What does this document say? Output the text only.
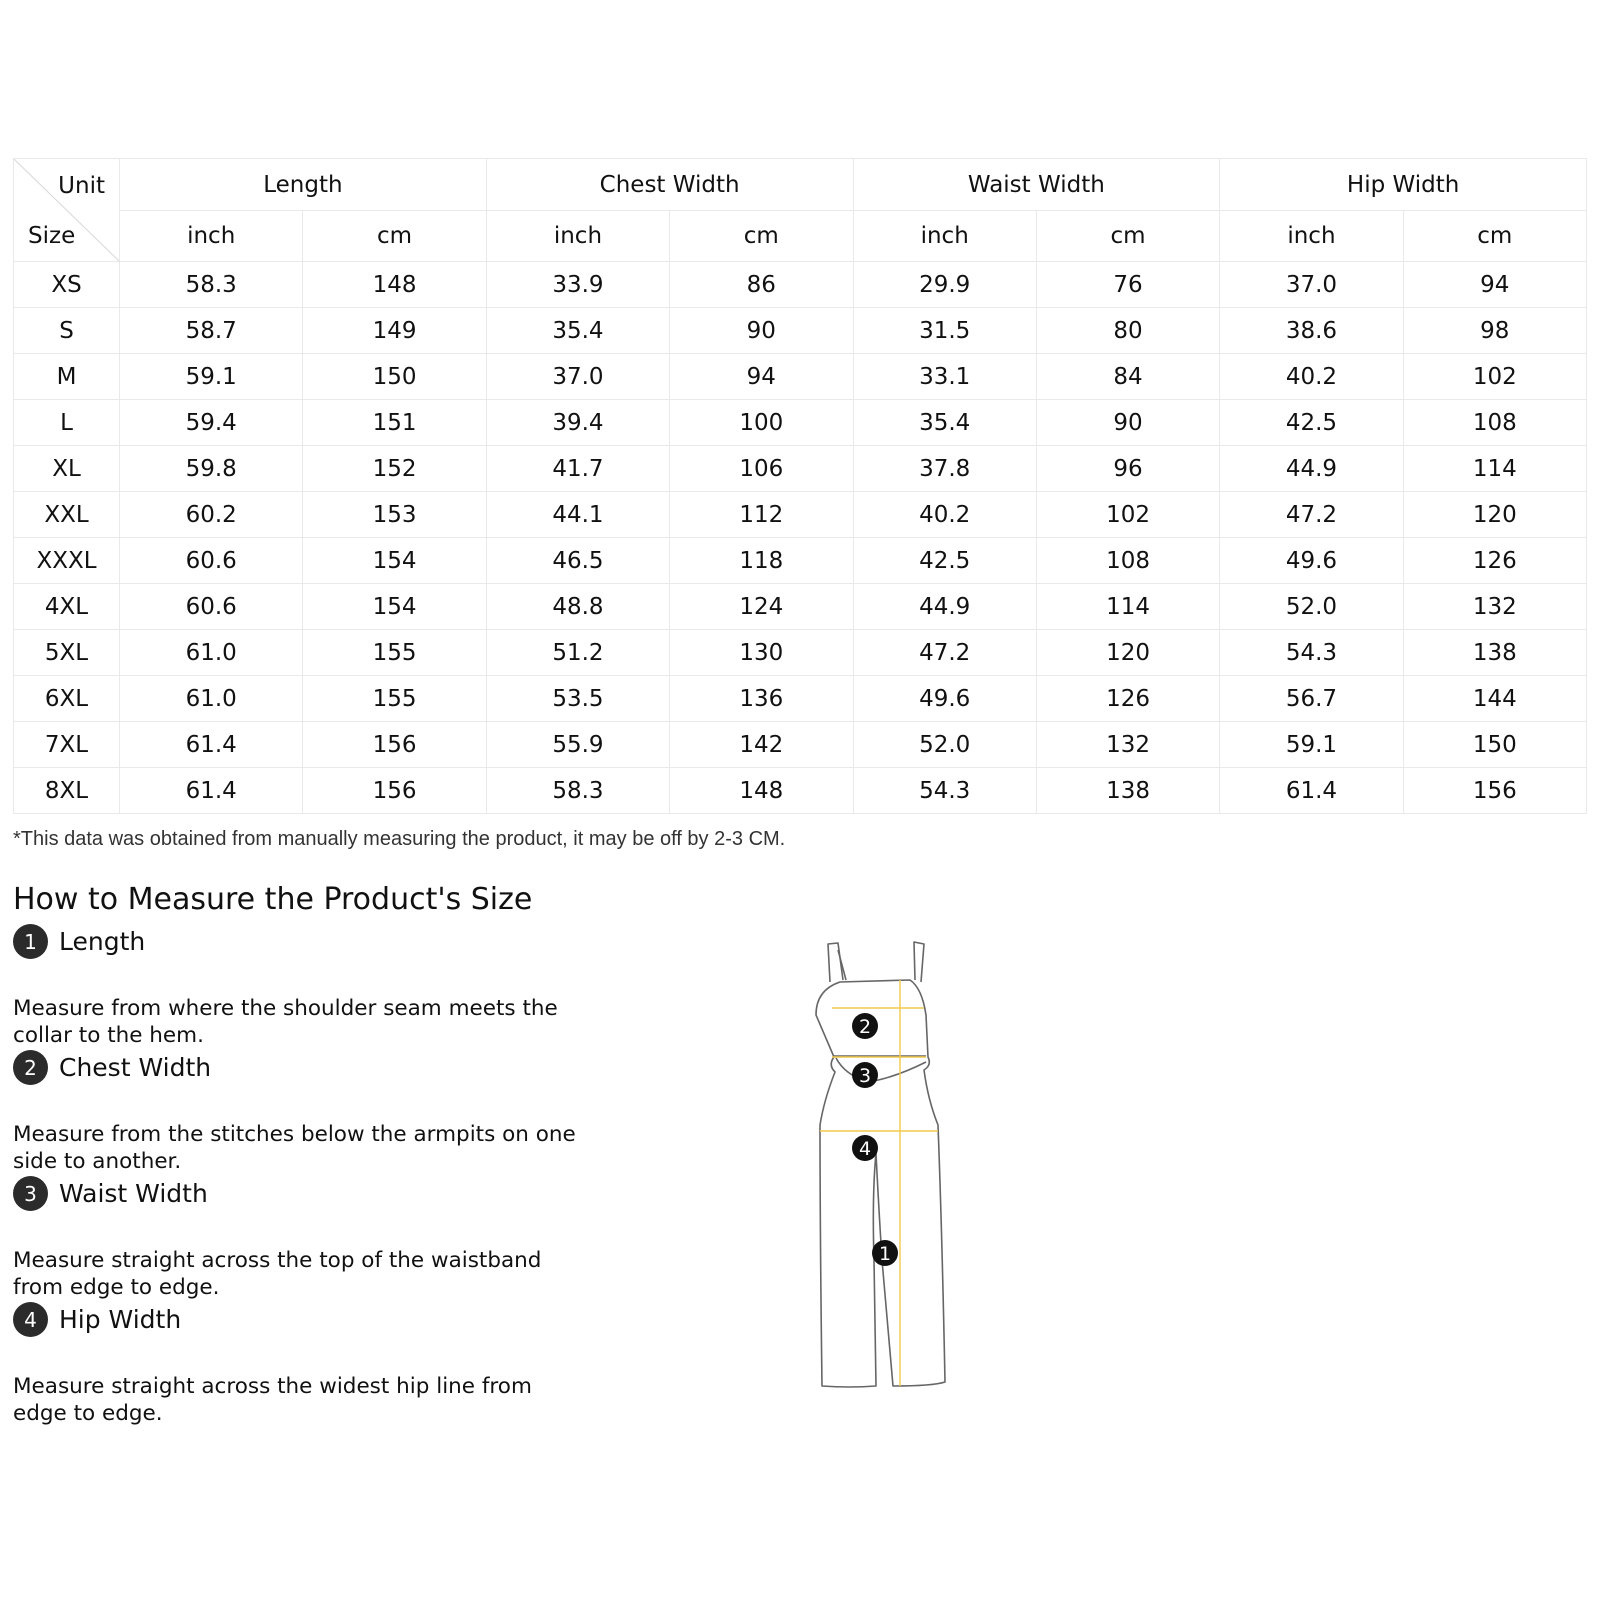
Unit
Size	Length		Chest Width		Waist Width		Hip Width	
	inch	cm	inch	cm	inch	cm	inch	cm
XS	58.3	148	33.9	86	29.9	76	37.0	94
S	58.7	149	35.4	90	31.5	80	38.6	98
M	59.1	150	37.0	94	33.1	84	40.2	102
L	59.4	151	39.4	100	35.4	90	42.5	108
XL	59.8	152	41.7	106	37.8	96	44.9	114
XXL	60.2	153	44.1	112	40.2	102	47.2	120
XXXL	60.6	154	46.5	118	42.5	108	49.6	126
4XL	60.6	154	48.8	124	44.9	114	52.0	132
5XL	61.0	155	51.2	130	47.2	120	54.3	138
6XL	61.0	155	53.5	136	49.6	126	56.7	144
7XL	61.4	156	55.9	142	52.0	132	59.1	150
8XL	61.4	156	58.3	148	54.3	138	61.4	156
*This data was obtained from manually measuring the product, it may be off by 2-3 CM.
How to Measure the Product's Size
1 Length

Measure from where the shoulder seam meets the collar to the hem.

2 Chest Width

Measure from the stitches below the armpits on one side to another.

3 Waist Width

Measure straight across the top of the waistband from edge to edge.

4 Hip Width

Measure straight across the widest hip line from edge to edge.

2
3
4
1
